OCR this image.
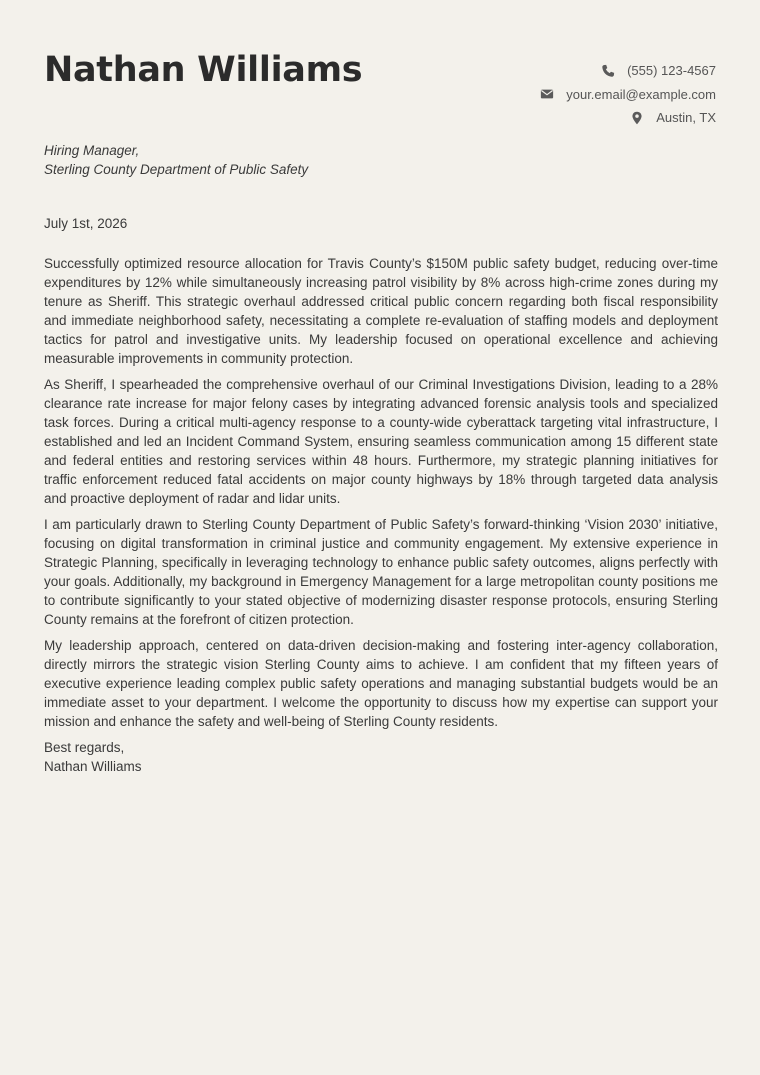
Nathan Williams	(555) 123-4567
your.email@example.com
Austin, TX
Hiring Manager,
Sterling County Department of Public Safety
July 1st, 2026

Successfully optimized resource allocation for Travis County’s $150M public safety budget, reducing over-time expenditures by 12% while simultaneously increasing patrol visibility by 8% across high-crime zones during my tenure as Sheriff. This strategic overhaul addressed critical public concern regarding both fiscal responsibility and immediate neighborhood safety, necessitating a complete re-evaluation of staffing models and deployment tactics for patrol and investigative units. My leadership focused on operational excellence and achieving measurable improvements in community protection.

As Sheriff, I spearheaded the comprehensive overhaul of our Criminal Investigations Division, leading to a 28% clearance rate increase for major felony cases by integrating advanced forensic analysis tools and specialized task forces. During a critical multi-agency response to a county-wide cyberattack targeting vital infrastructure, I established and led an Incident Command System, ensuring seamless communication among 15 different state and federal entities and restoring services within 48 hours. Furthermore, my strategic planning initiatives for traffic enforcement reduced fatal accidents on major county highways by 18% through targeted data analysis and proactive deployment of radar and lidar units.

I am particularly drawn to Sterling County Department of Public Safety’s forward-thinking ‘Vision 2030’ initiative, focusing on digital transformation in criminal justice and community engagement. My extensive experience in Strategic Planning, specifically in leveraging technology to enhance public safety outcomes, aligns perfectly with your goals. Additionally, my background in Emergency Management for a large metropolitan county positions me to contribute significantly to your stated objective of modernizing disaster response protocols, ensuring Sterling County remains at the forefront of citizen protection.

My leadership approach, centered on data-driven decision-making and fostering inter-agency collaboration, directly mirrors the strategic vision Sterling County aims to achieve. I am confident that my fifteen years of executive experience leading complex public safety operations and managing substantial budgets would be an immediate asset to your department. I welcome the opportunity to discuss how my expertise can support your mission and enhance the safety and well-being of Sterling County residents.

Best regards,
Nathan Williams
